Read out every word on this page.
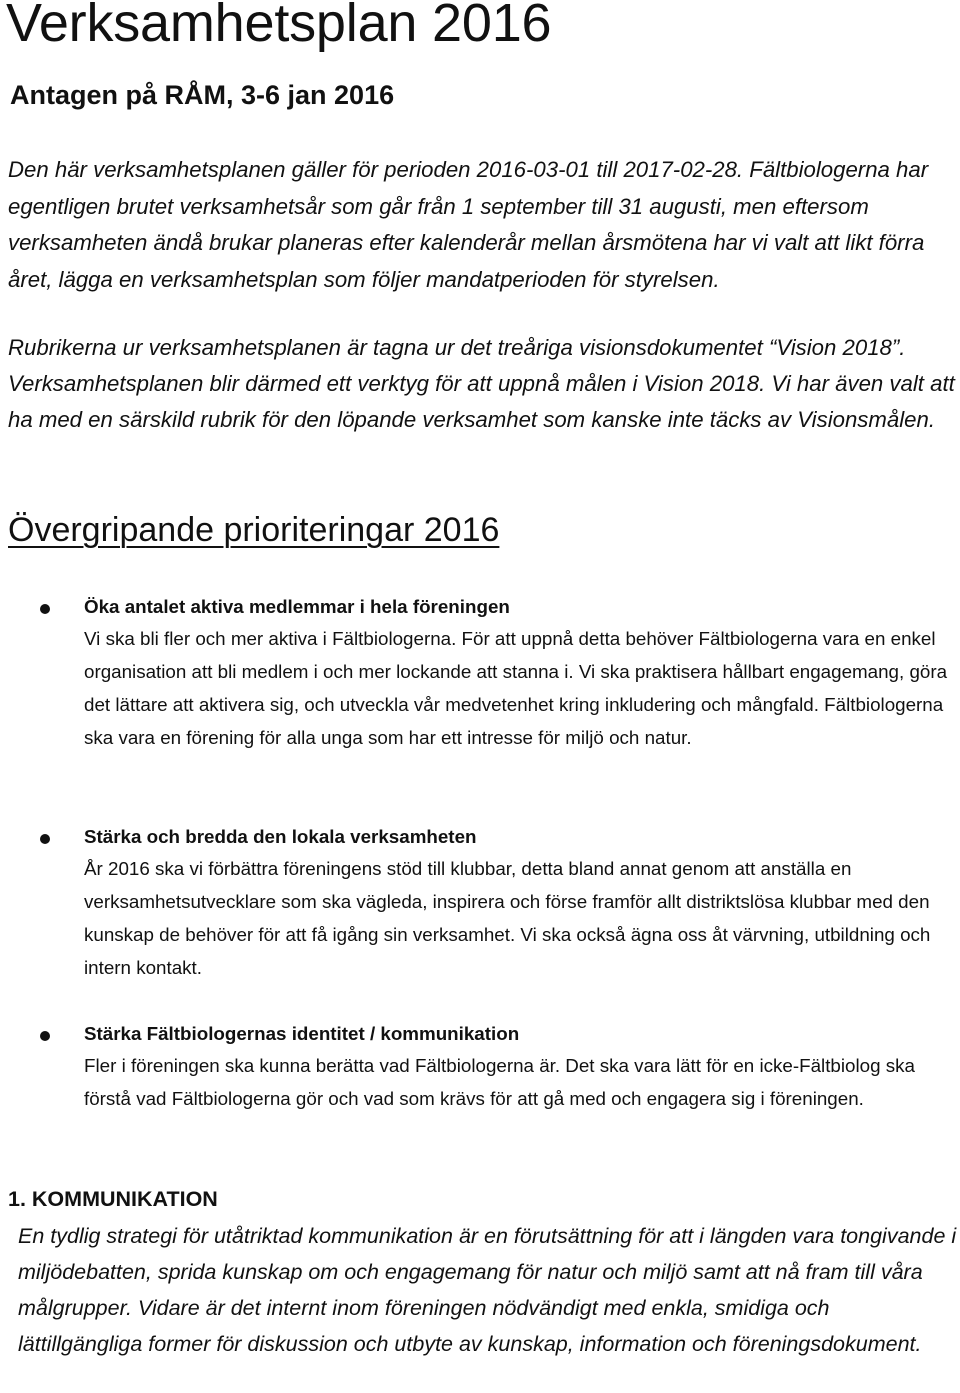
Verksamhetsplan 2016
Antagen på RÅM, 3-6 jan 2016

Den här verksamhetsplanen gäller för perioden 2016-03-01 till 2017-02-28. Fältbiologerna har egentligen brutet verksamhetsår som går från 1 september till 31 augusti, men eftersom verksamheten ändå brukar planeras efter kalenderår mellan årsmötena har vi valt att likt förra året, lägga en verksamhetsplan som följer mandatperioden för styrelsen.

Rubrikerna ur verksamhetsplanen är tagna ur det treåriga visionsdokumentet “Vision 2018”. Verksamhetsplanen blir därmed ett verktyg för att uppnå målen i Vision 2018. Vi har även valt att ha med en särskild rubrik för den löpande verksamhet som kanske inte täcks av Visionsmålen.

Övergripande prioriteringar 2016

Öka antalet aktiva medlemmar i hela föreningen

Vi ska bli fler och mer aktiva i Fältbiologerna. För att uppnå detta behöver Fältbiologerna vara en enkel organisation att bli medlem i och mer lockande att stanna i. Vi ska praktisera hållbart engagemang, göra det lättare att aktivera sig, och utveckla vår medvetenhet kring inkludering och mångfald. Fältbiologerna ska vara en förening för alla unga som har ett intresse för miljö och natur.

Stärka och bredda den lokala verksamheten

År 2016 ska vi förbättra föreningens stöd till klubbar, detta bland annat genom att anställa en verksamhetsutvecklare som ska vägleda, inspirera och förse framför allt distriktslösa klubbar med den kunskap de behöver för att få igång sin verksamhet. Vi ska också ägna oss åt värvning, utbildning och intern kontakt.

Stärka Fältbiologernas identitet / kommunikation

Fler i föreningen ska kunna berätta vad Fältbiologerna är. Det ska vara lätt för en icke-Fältbiolog ska förstå vad Fältbiologerna gör och vad som krävs för att gå med och engagera sig i föreningen.

1. KOMMUNIKATION

En tydlig strategi för utåtriktad kommunikation är en förutsättning för att i längden vara tongivande i miljödebatten, sprida kunskap om och engagemang för natur och miljö samt att nå fram till våra målgrupper. Vidare är det internt inom föreningen nödvändigt med enkla, smidiga och lättillgängliga former för diskussion och utbyte av kunskap, information och föreningsdokument.
